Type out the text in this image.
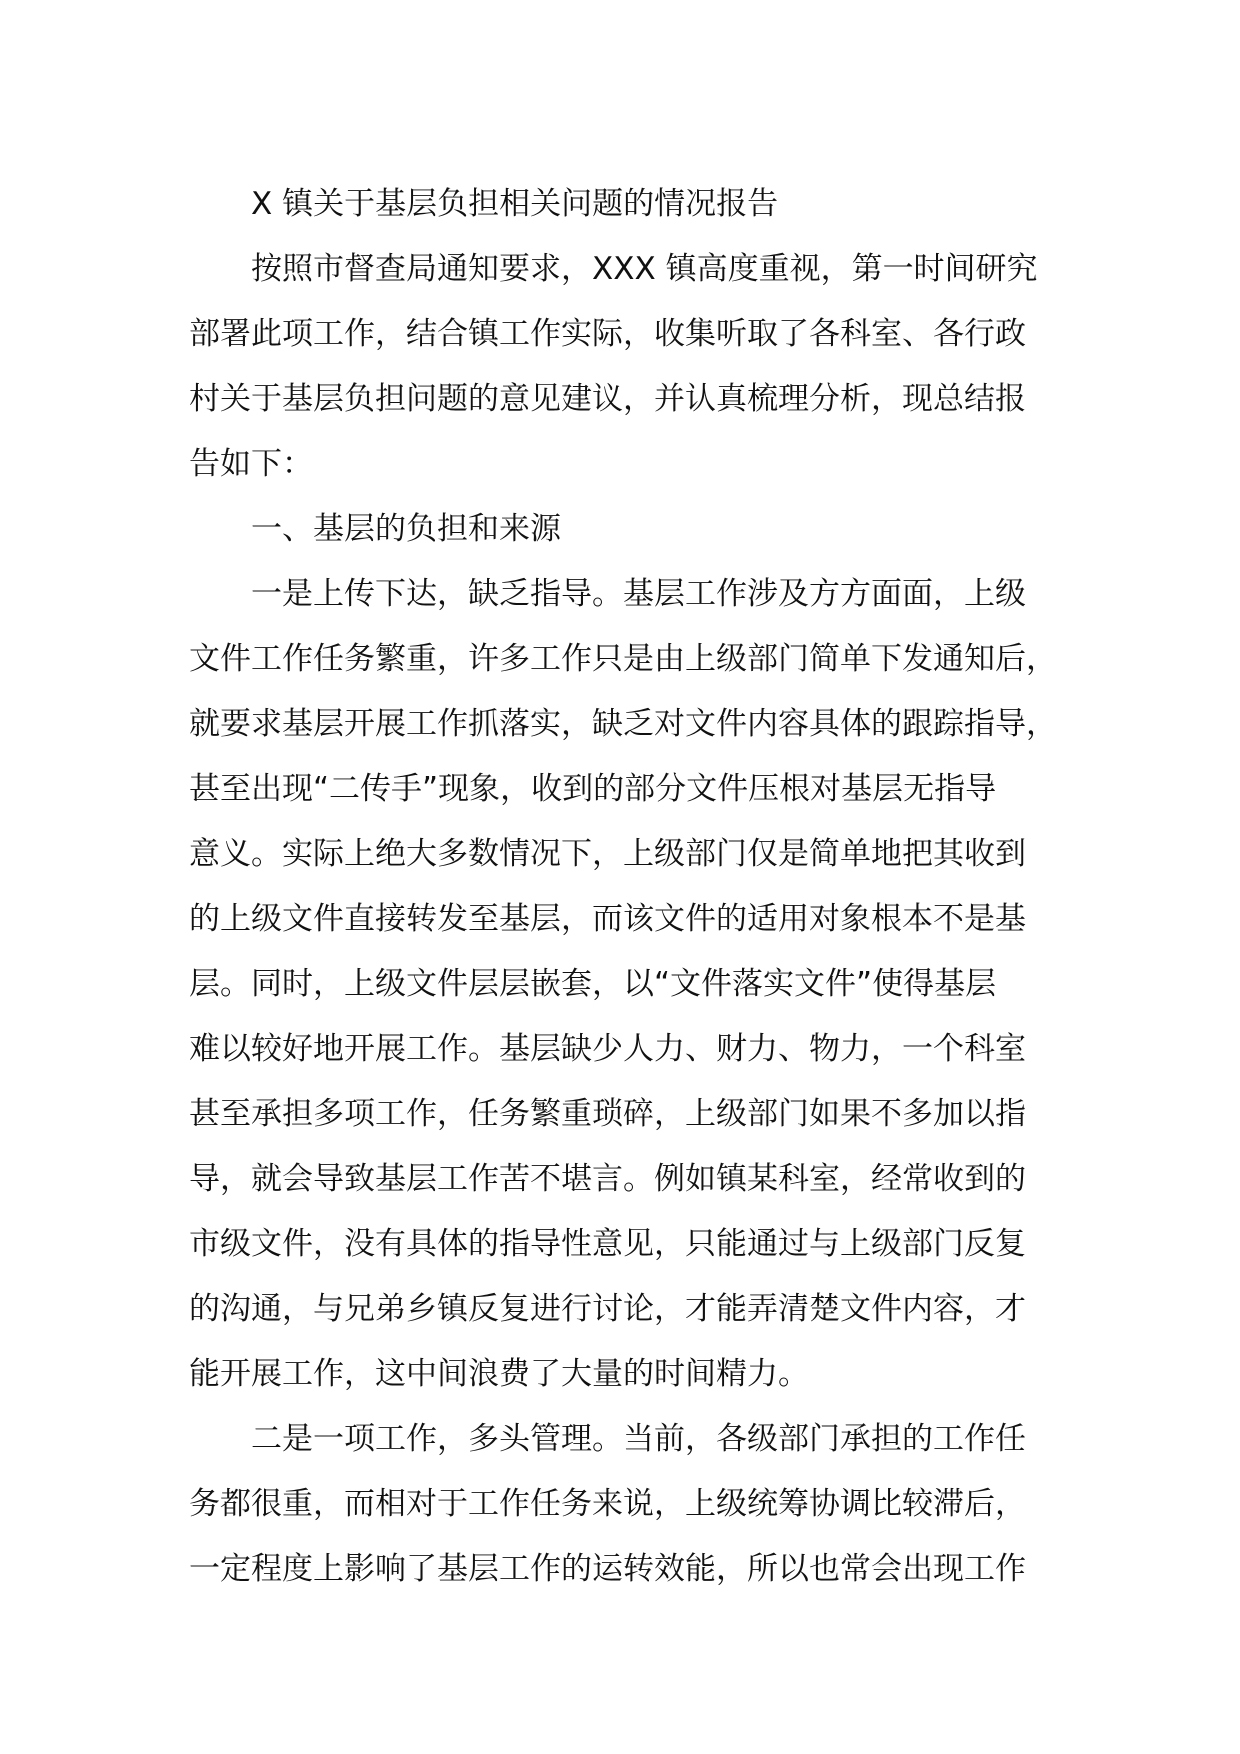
X 镇关于基层负担相关问题的情况报告
按照市督查局通知要求，XXX 镇高度重视，第一时间研究
部署此项工作，结合镇工作实际，收集听取了各科室、各行政
村关于基层负担问题的意见建议，并认真梳理分析，现总结报
告如下：
一、基层的负担和来源
一是上传下达，缺乏指导。基层工作涉及方方面面，上级
文件工作任务繁重，许多工作只是由上级部门简单下发通知后，
就要求基层开展工作抓落实，缺乏对文件内容具体的跟踪指导，
甚至出现“二传手”现象，收到的部分文件压根对基层无指导
意义。实际上绝大多数情况下，上级部门仅是简单地把其收到
的上级文件直接转发至基层，而该文件的适用对象根本不是基
层。同时，上级文件层层嵌套，以“文件落实文件”使得基层
难以较好地开展工作。基层缺少人力、财力、物力，一个科室
甚至承担多项工作，任务繁重琐碎，上级部门如果不多加以指
导，就会导致基层工作苦不堪言。例如镇某科室，经常收到的
市级文件，没有具体的指导性意见，只能通过与上级部门反复
的沟通，与兄弟乡镇反复进行讨论，才能弄清楚文件内容，才
能开展工作，这中间浪费了大量的时间精力。
二是一项工作，多头管理。当前，各级部门承担的工作任
务都很重，而相对于工作任务来说，上级统筹协调比较滞后，
一定程度上影响了基层工作的运转效能，所以也常会出现工作
